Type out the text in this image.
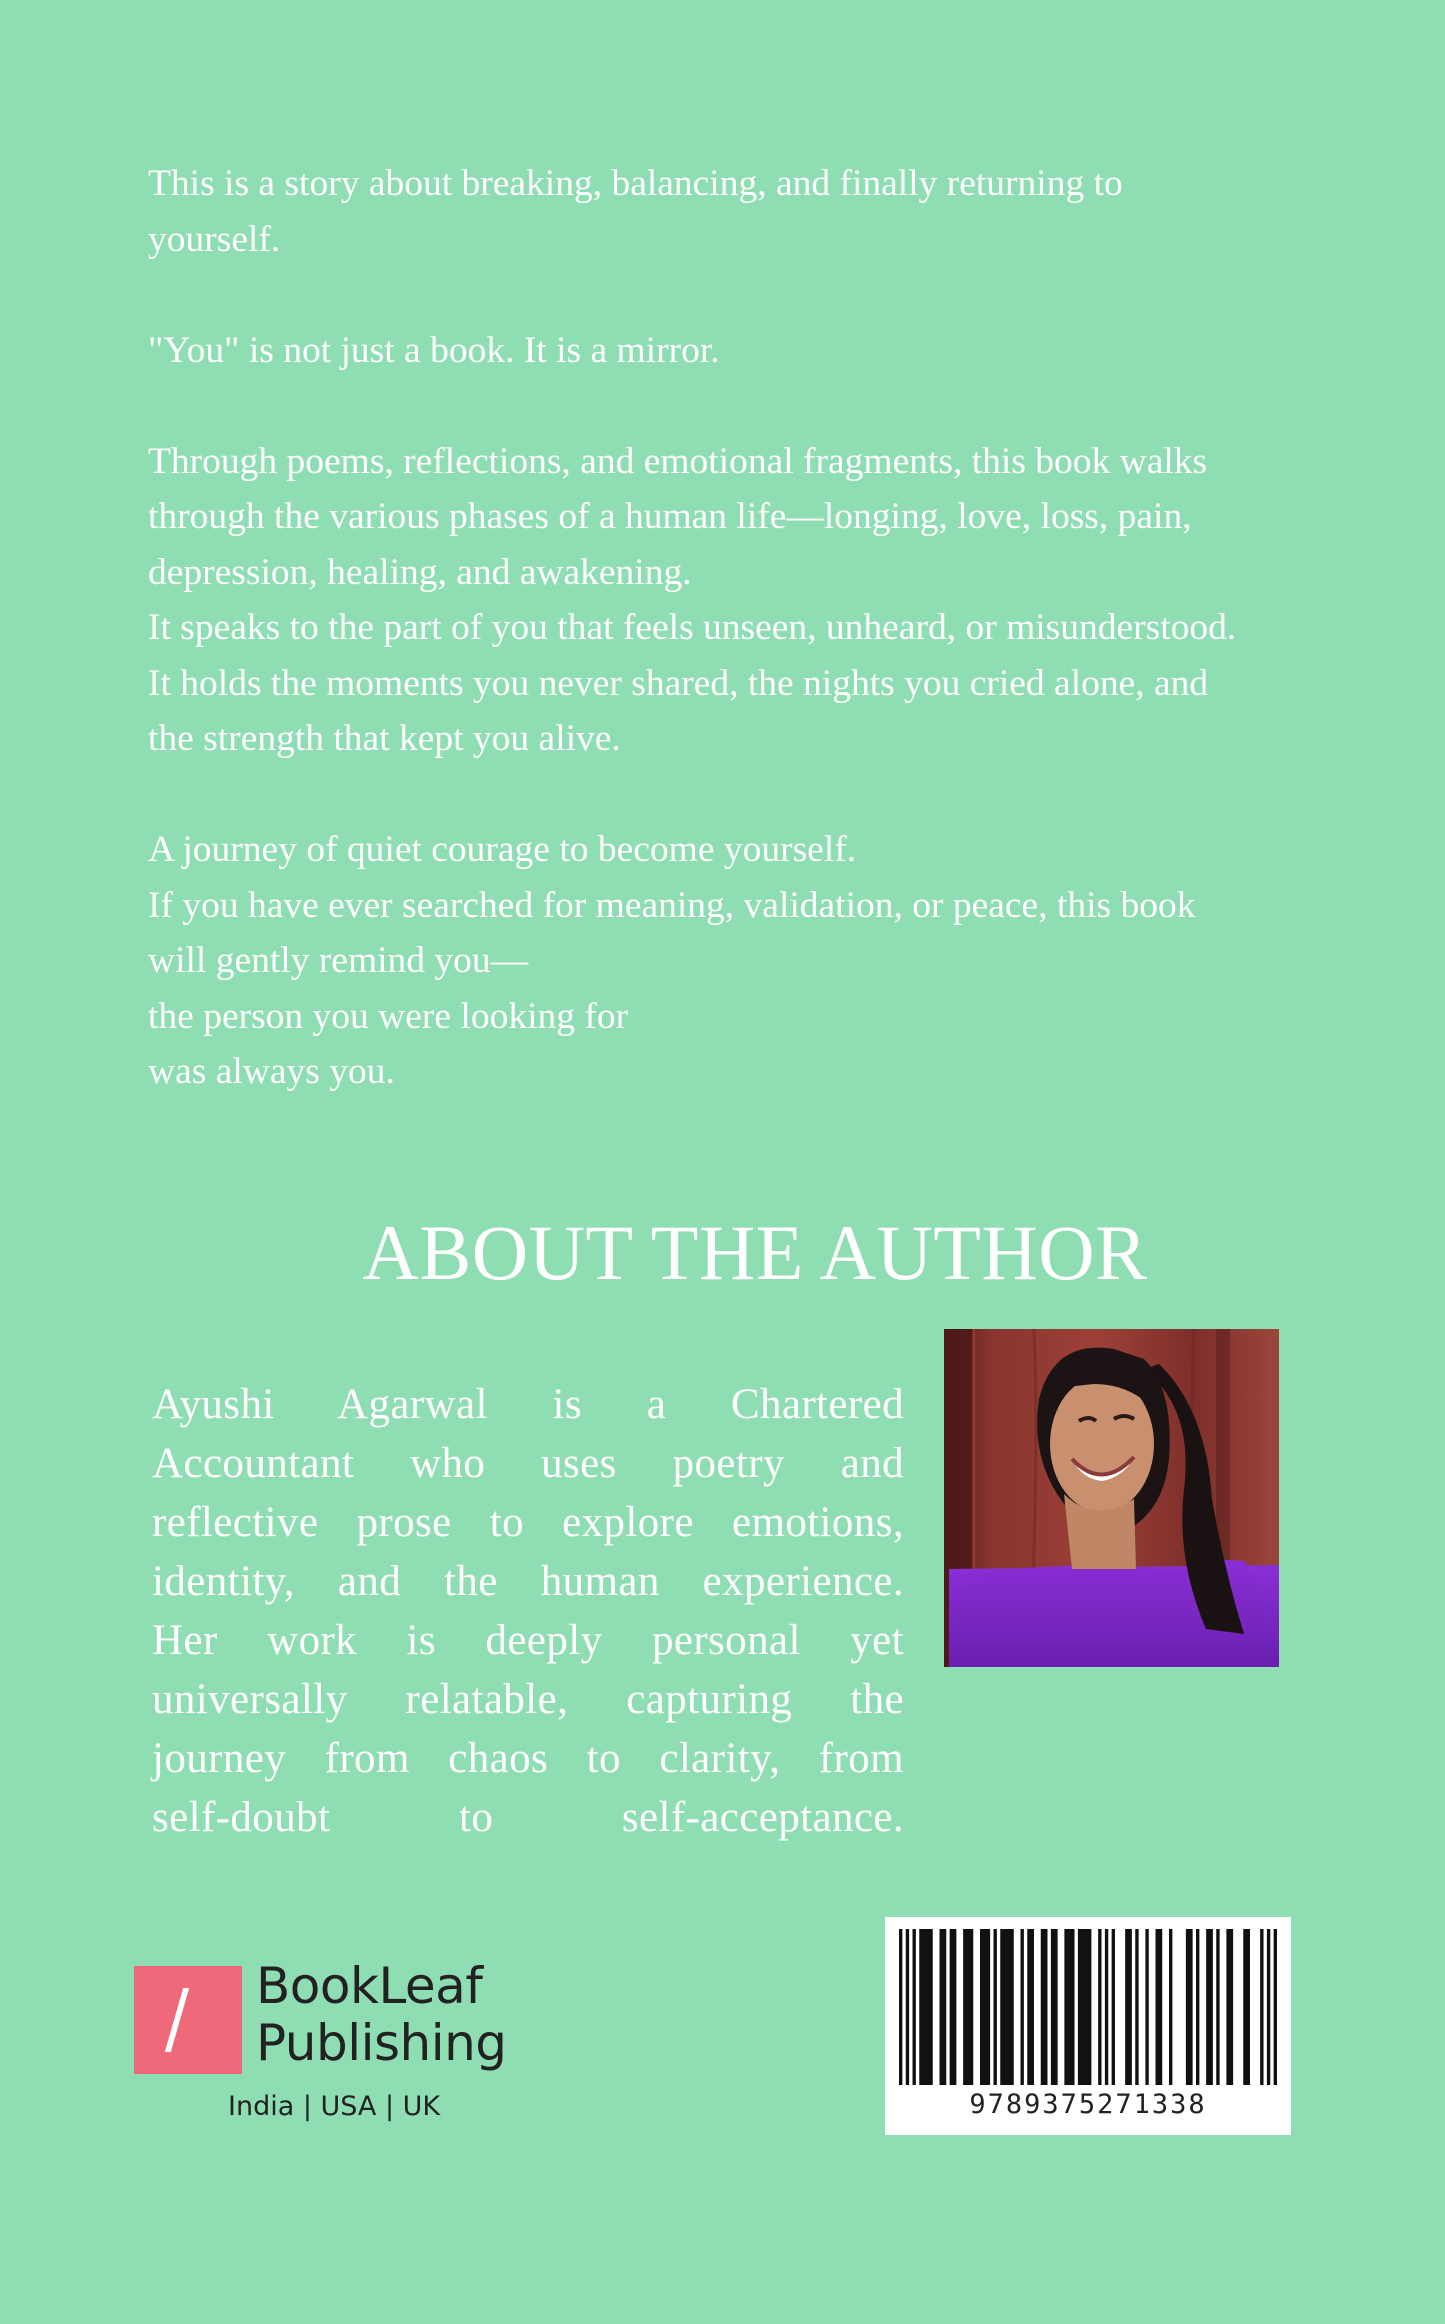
This is a story about breaking, balancing, and finally returning to
yourself.

"You" is not just a book. It is a mirror.

Through poems, reflections, and emotional fragments, this book walks
through the various phases of a human life—longing, love, loss, pain,
depression, healing, and awakening.
It speaks to the part of you that feels unseen, unheard, or misunderstood.
It holds the moments you never shared, the nights you cried alone, and
the strength that kept you alive.

A journey of quiet courage to become yourself.
If you have ever searched for meaning, validation, or peace, this book
will gently remind you—
the person you were looking for
was always you.

ABOUT THE AUTHOR
Ayushi Agarwal is a Chartered
Accountant who uses poetry and
reflective prose to explore emotions,
identity, and the human experience.
Her work is deeply personal yet
universally relatable, capturing the
journey from chaos to clarity, from
self-doubt to self-acceptance.
BookLeaf
Publishing
India | USA | UK	9789375271338
